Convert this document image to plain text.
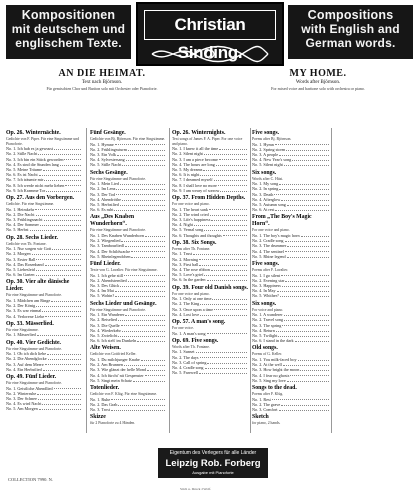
Kompositionen
mit deutschem und
englischem Texte.
Christian Sinding.
Compositions
with English and
German words.
AN DIE HEIMAT.
Text nach Björnson.
Für gemischten Chor und Bariton solo mit Orchester oder Pianoforte.
MY HOME.
Words after Björnson.
For mixed voice and baritone solo with orchestra or piano.
Op. 26. Winternächte.
Gedichte von F. Piper. Für eine Singstimme und Pianoforte.
No. 1. Ich hab es ja gewusst
No. 2. Stille Nacht
No. 3. Ich bin ein Stück geworden
No. 4. Es sind die Stunden lang
No. 5. Meine Träume
No. 6. Es ist Nacht
No. 7. Ich träumte mir
No. 8. Ich werde nicht mehr lieben
No. 9. Ich Kramme Tor
Op. 27. Aus den Vorbergen.
Gedichte. Für eine Singstimme.
No. 1. Heimkehr
No. 2. Die Nacht
No. 3. Frühlingsnacht
No. 4. Der Sommer
No. 5. Herbst
Op. 28. Sechs Lieder.
Gedichte von Th. Fontane.
No. 1. Nur sorgen wir Gott
No. 2. Morgen
No. 3. Erster Ball
No. 4. Das Rosenband
No. 5. Liebesleid
No. 6. Im Garten
Op. 30. Vier alte dänische Lieder.
Für eine Singstimme und Pianoforte.
No. 1. Mädchen am Ringe
No. 2. Der König
No. 3. Es war einmal
No. 4. Verlorene Liebe
Op. 33. Mässerlied.
Für eine Singstimme.
No. 1. Mässerlied
Op. 40. Vier Gedichte.
Für eine Singstimme und Pianoforte.
No. 1. Ob ich dich liebe
No. 2. Die Abendglocke
No. 3. Auf dem Meere
No. 4. Ein Herbstlied
Op. 49. Fünf Lieder.
Für eine Singstimme und Pianoforte.
No. 1. Geistliche Abendlied
No. 2. Winterruhe
No. 3. Der Schnee
No. 4. Es wird Nacht
No. 5. Am Morgen
Fünf Gesänge.
Gedichte von Bj. Björnson. Für eine Singstimme.
No. 1. Hymne
No. 2. Frühlingssturm
No. 3. Ein Volk
No. 4. Sylvestersang
No. 5. Stille Nacht
Sechs Gesänge.
Für eine Singstimme und Pianoforte.
No. 1. Mein Lied
No. 2. Im Lenz
No. 3. Der Tod
No. 4. Abendröthe
No. 5. Herbstlied
No. 6. Es ruht
Aus „Des Knaben Wunderhorn“.
Für eine Singstimme und Pianoforte.
No. 1. Des Knaben Wunderhorn
No. 2. Wiegenlied
No. 3. Tambourliedl
No. 4. Der Schildwache
No. 5. Rheinlegendchen
Fünf Lieder.
Texte von G. Lavalier. Für eine Singstimme.
No. 1. Ich gehe still
No. 2. Abendsternlied
No. 3. Des Glück
No. 4. Im Mai
No. 5. Wohin?
Sechs Lieder und Gesänge.
Für eine Singstimme und Pianoforte.
No. 1. Ein Wanderer
No. 2. Reiselied
No. 3. Die Quelle
No. 4. Wiederkehr
No. 5. Zwielicht
No. 6. Ich steh' im Dunkeln
Alte Weisen.
Gedichte von Gottfried Keller.
No. 1. Du milchjunger Knabe
No. 2. Am Brunnen
No. 3. Wie glänzt der helle Mond
No. 4. Ich fürcht' nit Gespenster
No. 5. Singt mein Schatz
Totenlieder.
Gedichte von F. Klüg. Für eine Singstimme.
No. 1. Ruhe
No. 2. Das Grab
No. 3. Trost
Skizze
für 2 Pianoforte zu 4 Händen.
Op. 26. Winternights.
Text songs of James F. A. Piper. For one voice and piano.
No. 1. I knew it all the time
No. 2. Silent night
No. 3. I am a piece become
No. 4. The hours are long
No. 5. My dreams
No. 6. It is night
No. 7. I dreamed myself
No. 8. I shall love no more
No. 9. I am weary of sorrow
Op. 37. From Hidden Depths.
For one voice and piano.
No. 1. The heart sank
No. 2. The wind cried
No. 3. Life's happiness
No. 4. Night
No. 5. Vernal song
No. 6. Thoughts and thoughts
Op. 38. Six Songs.
Poems after Th. Fontane.
No. 1. Trust
No. 2. Morning
No. 3. First ball
No. 4. The rose ribbon
No. 5. Love's grief
No. 6. In the garden
Op. 39. Four old Danish songs.
For one voice and piano.
No. 1. Only at one time
No. 2. The King
No. 3. Once upon a time
No. 4. Lost love
Op. 57. A man's song.
For one voice.
No. 1. A man's song
Op. 69. Five songs.
Words after Th. Fontane.
No. 1. Sunset
No. 2. The days
No. 3. Call of spring
No. 4. Cradle song
No. 5. Farewell
Five songs.
Poems after Bj. Björnson.
No. 1. Hymn
No. 2. Spring storm
No. 3. A people
No. 4. New Year's song
No. 5. Silent night
Six songs.
Words after C. Hüsi.
No. 1. My song
No. 2. In spring
No. 3. Death
No. 4. Afterglow
No. 5. Autumn song
No. 6. At rest
From „The Boy's Magic Horn“.
For one voice and piano.
No. 1. The boy's magic horn
No. 2. Cradle song
No. 3. The drummer
No. 4. The sentinel
No. 5. Rhine legend
Five songs.
Poems after F. Lavalier.
No. 1. I go silent
No. 2. Evening star
No. 3. Happiness
No. 4. In May
No. 5. Whither?
Six songs.
For voice and piano.
No. 1. A wanderer
No. 2. Travel song
No. 3. The spring
No. 4. Return
No. 5. Twilight
No. 6. I stand in the dark
Old songs.
Poems of G. Keller.
No. 1. You milk-faced boy
No. 2. At the well
No. 3. How bright the moon
No. 4. I fear no ghosts
No. 5. Sing my love
Songs to the dead.
Poems after F. Klüg.
No. 1. Rest
No. 2. The grave
No. 3. Comfort
Sketch
for piano, 2 hands.
Eigentum des Verlegers für alle Länder
Leipzig Rob. Forberg
Ausgabe mit Pianoforte
COLLECTION 7990. N.
Stich u. Druck J.Wolf.
